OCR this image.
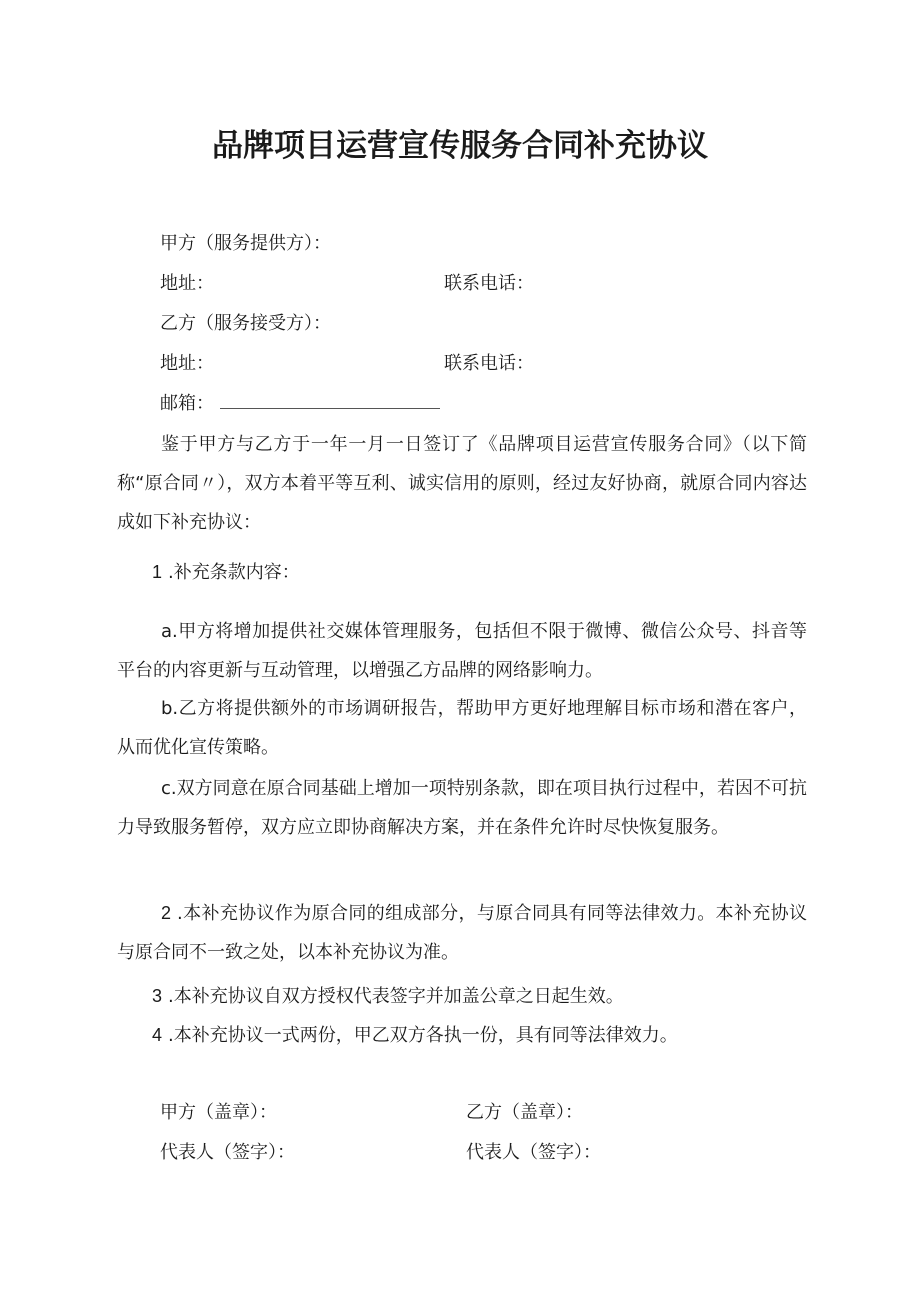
品牌项目运营宣传服务合同补充协议
甲方（服务提供方）：
地址：	联系电话：
乙方（服务接受方）：
地址：	联系电话：
邮箱：
鉴于甲方与乙方于一年一月一日签订了《品牌项目运营宣传服务合同》（以下简称“原合同〃），双方本着平等互利、诚实信用的原则，经过友好协商，就原合同内容达成如下补充协议：
1 .补充条款内容：
a.甲方将增加提供社交媒体管理服务，包括但不限于微博、微信公众号、抖音等平台的内容更新与互动管理，以增强乙方品牌的网络影响力。
b.乙方将提供额外的市场调研报告，帮助甲方更好地理解目标市场和潜在客户，从而优化宣传策略。
c.双方同意在原合同基础上增加一项特别条款，即在项目执行过程中，若因不可抗力导致服务暂停，双方应立即协商解决方案，并在条件允许时尽快恢复服务。
2 .本补充协议作为原合同的组成部分，与原合同具有同等法律效力。本补充协议与原合同不一致之处，以本补充协议为准。
3 .本补充协议自双方授权代表签字并加盖公章之日起生效。
4 .本补充协议一式两份，甲乙双方各执一份，具有同等法律效力。
甲方（盖章）：	乙方（盖章）：
代表人（签字）：	代表人（签字）：
